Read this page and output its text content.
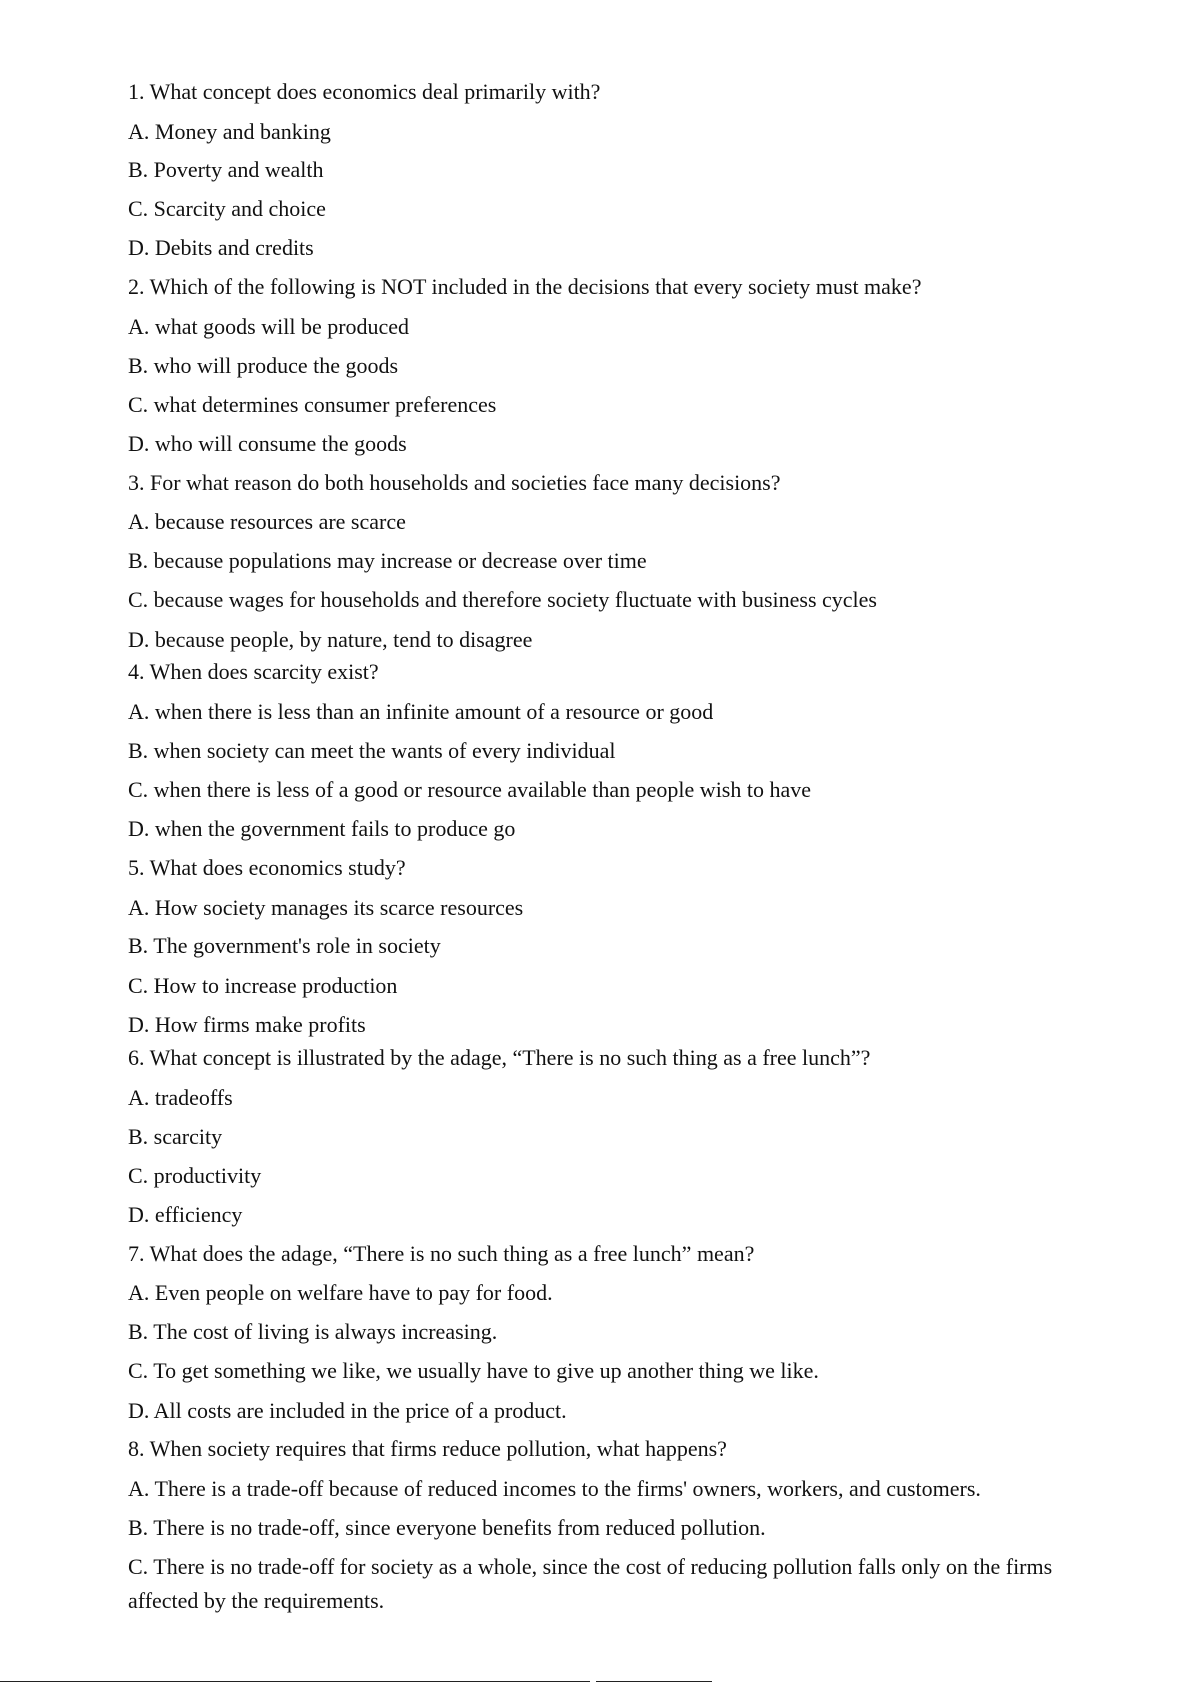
1. What concept does economics deal primarily with?
A. Money and banking
B. Poverty and wealth
C. Scarcity and choice
D. Debits and credits
2. Which of the following is NOT included in the decisions that every society must make?
A. what goods will be produced
B. who will produce the goods
C. what determines consumer preferences
D. who will consume the goods
3. For what reason do both households and societies face many decisions?
A. because resources are scarce
B. because populations may increase or decrease over time
C. because wages for households and therefore society fluctuate with business cycles
D. because people, by nature, tend to disagree
4. When does scarcity exist?
A. when there is less than an infinite amount of a resource or good
B. when society can meet the wants of every individual
C. when there is less of a good or resource available than people wish to have
D. when the government fails to produce go
5. What does economics study?
A. How society manages its scarce resources
B. The government's role in society
C. How to increase production
D. How firms make profits
6. What concept is illustrated by the adage, “There is no such thing as a free lunch”?
A. tradeoffs
B. scarcity
C. productivity
D. efficiency
7. What does the adage, “There is no such thing as a free lunch” mean?
A. Even people on welfare have to pay for food.
B. The cost of living is always increasing.
C. To get something we like, we usually have to give up another thing we like.
D. All costs are included in the price of a product.
8. When society requires that firms reduce pollution, what happens?
A. There is a trade-off because of reduced incomes to the firms' owners, workers, and customers.
B. There is no trade-off, since everyone benefits from reduced pollution.
C. There is no trade-off for society as a whole, since the cost of reducing pollution falls only on the firms affected by the requirements.
